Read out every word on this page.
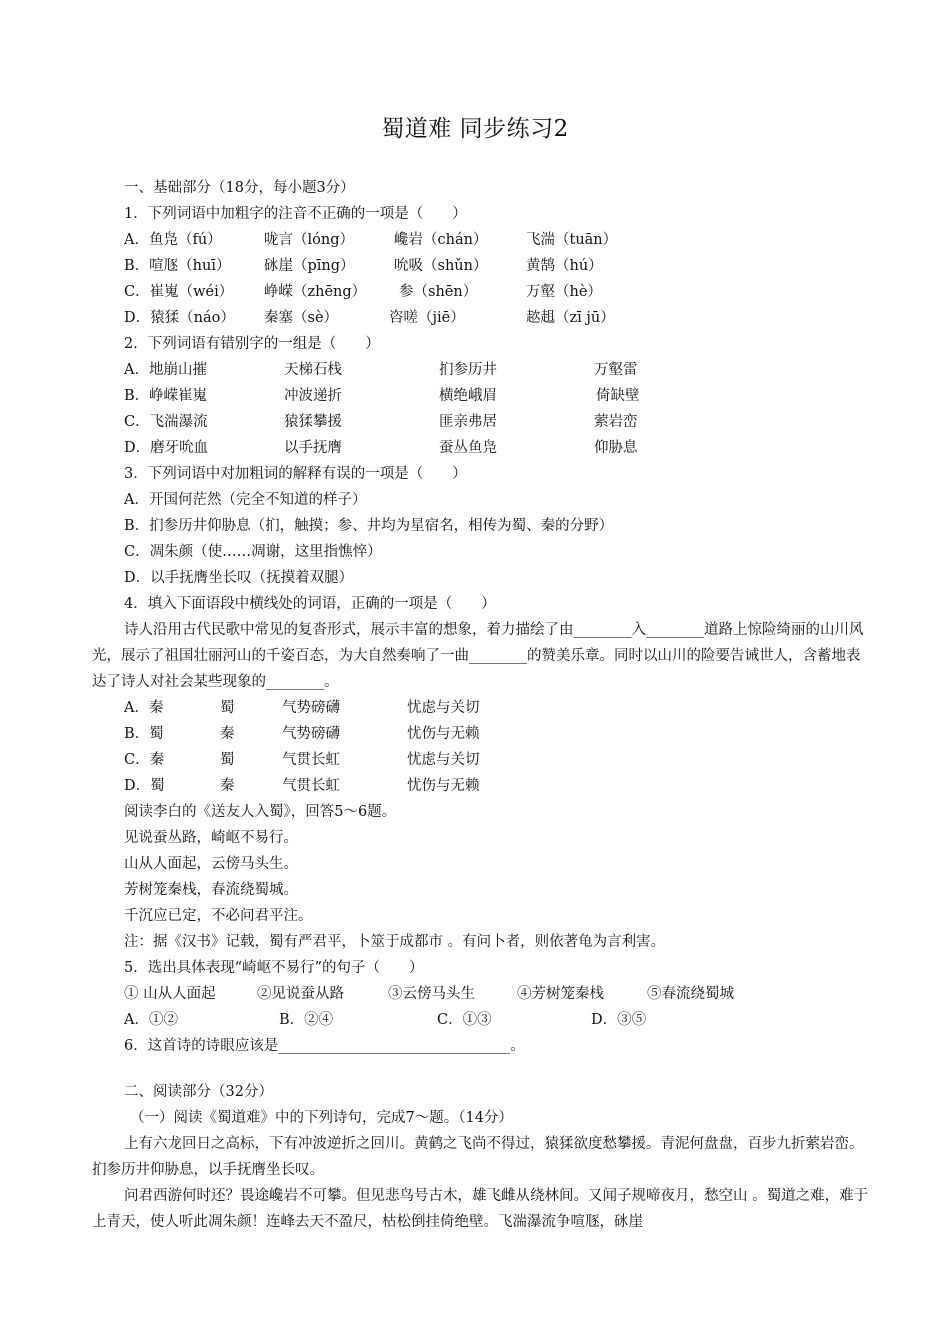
蜀道难 同步练习2
一、基础部分（18分，每小题3分）
1．下列词语中加粗字的注音不正确的一项是（　　）
A．鱼凫（fú）	咙言（lóng）	巉岩（chán）	飞湍（tuān）
B．喧豗（huī）	砯崖（pīng）	吮吸（shǔn）	黄鹄（hú）
C．崔嵬（wéi）	峥嵘（zhēng）	参（shēn）	万壑（hè）
D．猿猱（náo）	秦塞（sè）	咨嗟（jiē）	趑趄（zī jū）
2．下列词语有错别字的一组是（　　）
A．地崩山摧	天梯石栈	扪参历井	万壑雷
B．峥嵘崔嵬	冲波递折	横绝峨眉	倚缺壁
C．飞湍瀑流	猿猱攀援	匪亲弗居	萦岩峦
D．磨牙吮血	以手抚膺	蚕丛鱼凫	仰胁息
3．下列词语中对加粗词的解释有误的一项是（　　）
A．开国何茫然（完全不知道的样子）
B．扪参历井仰胁息（扪，触摸；参、井均为星宿名，相传为蜀、秦的分野）
C．凋朱颜（使……凋谢，这里指憔悴）
D．以手抚膺坐长叹（抚摸着双腿）
4．填入下面语段中横线处的词语，正确的一项是（　　）
诗人沿用古代民歌中常见的复沓形式，展示丰富的想象，着力描绘了由________入________道路上惊险绮丽的山川风光，展示了祖国壮丽河山的千姿百态，为大自然奏响了一曲________的赞美乐章。同时以山川的险要告诫世人，含蓄地表达了诗人对社会某些现象的________。
A．秦	蜀	气势磅礴	忧虑与关切
B．蜀	秦	气势磅礴	忧伤与无赖
C．秦	蜀	气贯长虹	忧虑与关切
D．蜀	秦	气贯长虹	忧伤与无赖
阅读李白的《送友人入蜀》，回答5～6题。
见说蚕丛路，崎岖不易行。
山从人面起，云傍马头生。
芳树笼秦栈，春流绕蜀城。
千沉应已定，不必问君平注。
注：据《汉书》记载，蜀有严君平，卜筮于成都市 。有问卜者，则依著龟为言利害。
5．选出具体表现“崎岖不易行”的句子（　　）
① 山从人面起	②见说蚕从路	③云傍马头生	④芳树笼秦栈	⑤春流绕蜀城
A．①②	B．②④	C．①③	D．③⑤
6．这首诗的诗眼应该是________________________________。
二、阅读部分（32分）
（一）阅读《蜀道难》中的下列诗句，完成7～题。（14分）
上有六龙回日之高标，下有冲波逆折之回川。黄鹤之飞尚不得过，猿猱欲度愁攀援。青泥何盘盘，百步九折萦岩峦。扪参历井仰胁息，以手抚膺坐长叹。
问君西游何时还？畏途巉岩不可攀。但见悲鸟号古木，雄飞雌从绕林间。又闻子规啼夜月，愁空山 。蜀道之难，难于上青天，使人听此凋朱颜！连峰去天不盈尺，枯松倒挂倚绝壁。飞湍瀑流争喧豗，砯崖
